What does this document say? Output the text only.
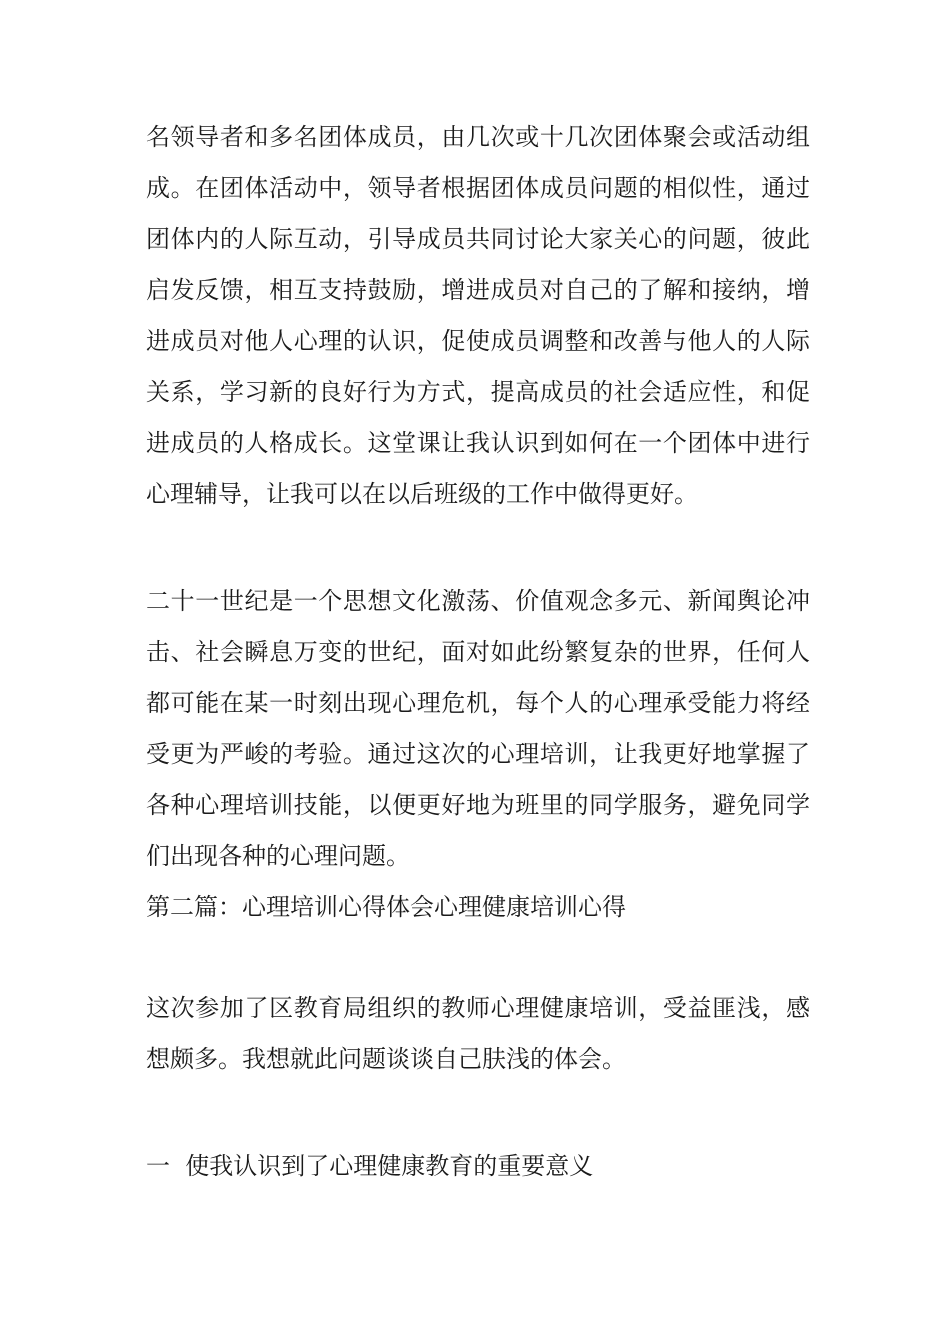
名领导者和多名团体成员，由几次或十几次团体聚会或活动组成。在团体活动中，领导者根据团体成员问题的相似性，通过团体内的人际互动，引导成员共同讨论大家关心的问题，彼此启发反馈，相互支持鼓励，增进成员对自己的了解和接纳，增进成员对他人心理的认识，促使成员调整和改善与他人的人际关系，学习新的良好行为方式，提高成员的社会适应性，和促进成员的人格成长。这堂课让我认识到如何在一个团体中进行心理辅导，让我可以在以后班级的工作中做得更好。

二十一世纪是一个思想文化激荡、价值观念多元、新闻舆论冲击、社会瞬息万变的世纪，面对如此纷繁复杂的世界，任何人都可能在某一时刻出现心理危机，每个人的心理承受能力将经受更为严峻的考验。通过这次的心理培训，让我更好地掌握了各种心理培训技能，以便更好地为班里的同学服务，避免同学们出现各种的心理问题。

第二篇：心理培训心得体会心理健康培训心得

这次参加了区教育局组织的教师心理健康培训，受益匪浅，感想颇多。我想就此问题谈谈自己肤浅的体会。

一  使我认识到了心理健康教育的重要意义
